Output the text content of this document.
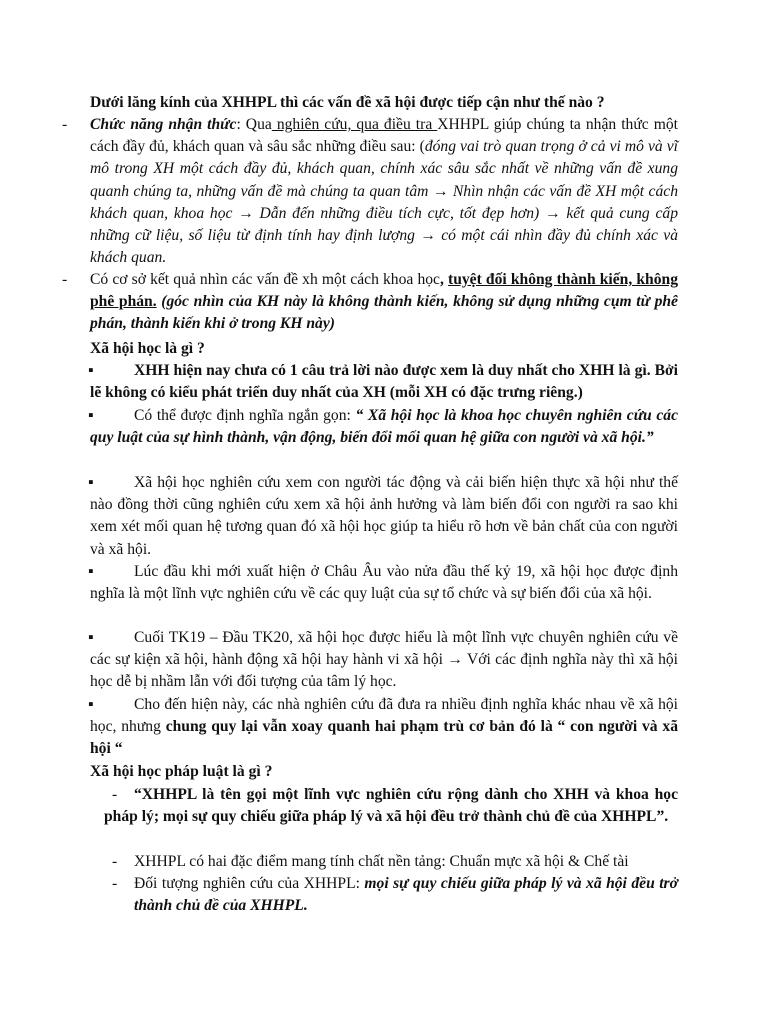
Dưới lăng kính của XHHPL thì các vấn đề xã hội được tiếp cận như thế nào ?
- Chức năng nhận thức: Qua nghiên cứu, qua điều tra XHHPL giúp chúng ta nhận thức một cách đầy đủ, khách quan và sâu sắc những điều sau: (đóng vai trò quan trọng ở cả vi mô và vĩ mô trong XH một cách đầy đủ, khách quan, chính xác sâu sắc nhất về những vấn đề xung quanh chúng ta, những vấn đề mà chúng ta quan tâm → Nhìn nhận các vấn đề XH một cách khách quan, khoa học → Dẫn đến những điều tích cực, tốt đẹp hơn) → kết quả cung cấp những cữ liệu, số liệu từ định tính hay định lượng → có một cái nhìn đầy đủ chính xác và khách quan.
- Có cơ sở kết quả nhìn các vấn đề xh một cách khoa học, tuyệt đối không thành kiến, không phê phán. (góc nhìn của KH này là không thành kiến, không sử dụng những cụm từ phê phán, thành kiến khi ở trong KH này)
Xã hội học là gì ?
▪	XHH hiện nay chưa có 1 câu trả lời nào được xem là duy nhất cho XHH là gì. Bởi lẽ không có kiểu phát triển duy nhất của XH (mỗi XH có đặc trưng riêng.)
▪	Có thể được định nghĩa ngắn gọn: “ Xã hội học là khoa học chuyên nghiên cứu các quy luật của sự hình thành, vận động, biến đổi mối quan hệ giữa con người và xã hội.”
▪	Xã hội học nghiên cứu xem con người tác động và cải biến hiện thực xã hội như thế nào đồng thời cũng nghiên cứu xem xã hội ảnh hưởng và làm biến đổi con người ra sao khi xem xét mối quan hệ tương quan đó xã hội học giúp ta hiểu rõ hơn về bản chất của con người và xã hội.
▪	Lúc đầu khi mới xuất hiện ở Châu Âu vào nửa đầu thế kỷ 19, xã hội học được định nghĩa là một lĩnh vực nghiên cứu về các quy luật của sự tổ chức và sự biến đổi của xã hội.
▪	Cuối TK19 – Đầu TK20, xã hội học được hiểu là một lĩnh vực chuyên nghiên cứu về các sự kiện xã hội, hành động xã hội hay hành vi xã hội → Với các định nghĩa này thì xã hội học dễ bị nhầm lẫn với đối tượng của tâm lý học.
▪	Cho đến hiện này, các nhà nghiên cứu đã đưa ra nhiều định nghĩa khác nhau về xã hội học, nhưng chung quy lại vẫn xoay quanh hai phạm trù cơ bản đó là “ con người và xã hội “
Xã hội học pháp luật là gì ?
-	“XHHPL là tên gọi một lĩnh vực nghiên cứu rộng dành cho XHH và khoa học pháp lý; mọi sự quy chiếu giữa pháp lý và xã hội đều trở thành chủ đề của XHHPL”.
- XHHPL có hai đặc điểm mang tính chất nền tảng: Chuẩn mực xã hội & Chế tài
- Đối tượng nghiên cứu của XHHPL: mọi sự quy chiếu giữa pháp lý và xã hội đều trở thành chủ đề của XHHPL.
